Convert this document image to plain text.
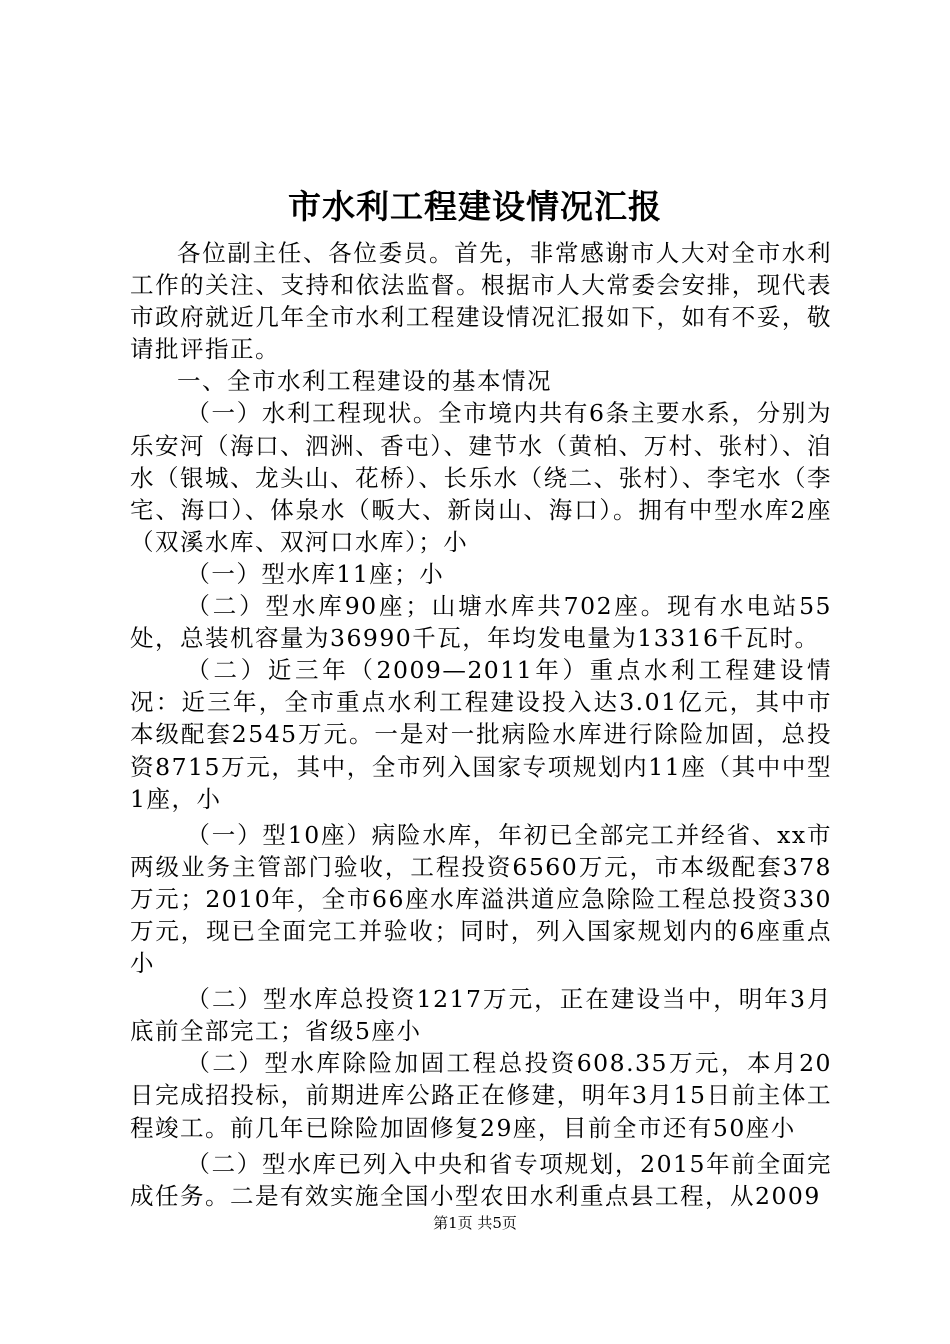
市水利工程建设情况汇报

各位副主任、各位委员。首先，非常感谢市人大对全市水利工作的关注、支持和依法监督。根据市人大常委会安排，现代表市政府就近几年全市水利工程建设情况汇报如下，如有不妥，敬请批评指正。

一、全市水利工程建设的基本情况

（一）水利工程现状。全市境内共有6条主要水系，分别为乐安河（海口、泗洲、香屯）、建节水（黄柏、万村、张村）、洎水（银城、龙头山、花桥）、长乐水（绕二、张村）、李宅水（李宅、海口）、体泉水（畈大、新岗山、海口）。拥有中型水库2座（双溪水库、双河口水库）；小

（一）型水库11座；小

（二）型水库90座；山塘水库共702座。现有水电站55处，总装机容量为36990千瓦，年均发电量为13316千瓦时。

（二）近三年（2009—2011年）重点水利工程建设情况：近三年，全市重点水利工程建设投入达3.01亿元，其中市本级配套2545万元。一是对一批病险水库进行除险加固，总投资8715万元，其中，全市列入国家专项规划内11座（其中中型1座，小

（一）型10座）病险水库，年初已全部完工并经省、xx市两级业务主管部门验收，工程投资6560万元，市本级配套378万元；2010年，全市66座水库溢洪道应急除险工程总投资330万元，现已全面完工并验收；同时，列入国家规划内的6座重点小

（二）型水库总投资1217万元，正在建设当中，明年3月底前全部完工；省级5座小

（二）型水库除险加固工程总投资608.35万元，本月20日完成招投标，前期进库公路正在修建，明年3月15日前主体工程竣工。前几年已除险加固修复29座，目前全市还有50座小

（二）型水库已列入中央和省专项规划，2015年前全面完成任务。二是有效实施全国小型农田水利重点县工程，从2009

第1页 共5页
